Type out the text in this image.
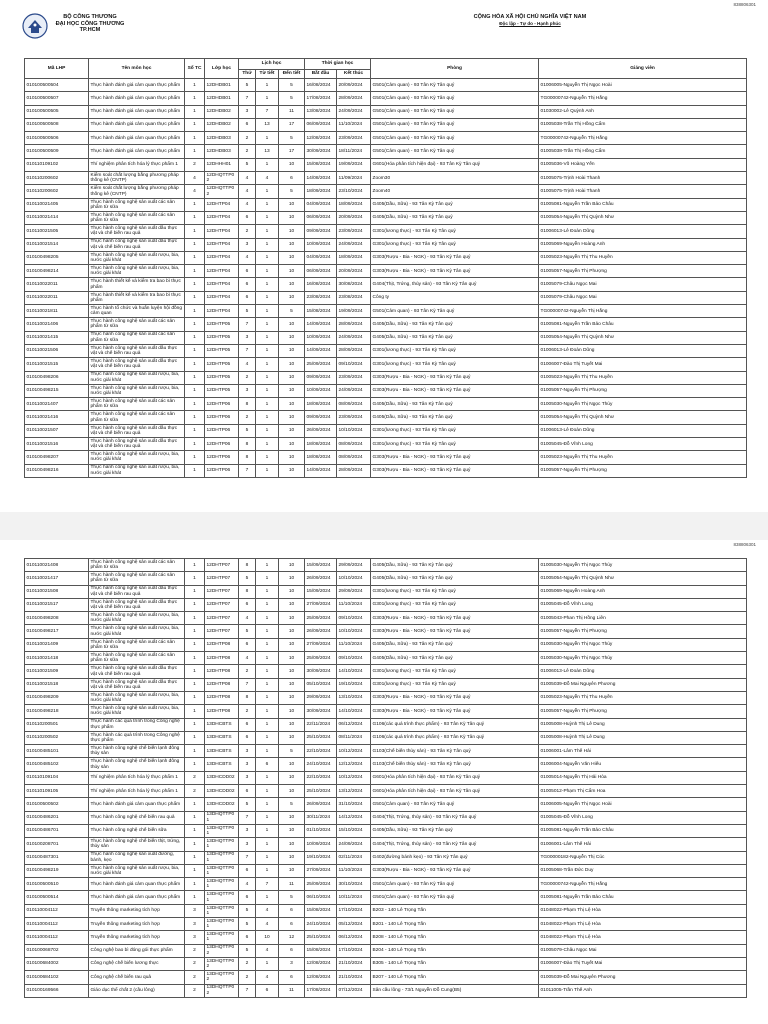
838806301
BỘ CÔNG THƯƠNG
ĐẠI HỌC CÔNG THƯƠNG
TP.HCM
CỘNG HÒA XÃ HỘI CHỦ NGHĨA VIỆT NAM
Độc lập - Tự do - Hạnh phúc
Mã LHP	Tên môn học	Số TC	Lớp học	Lịch học			Thời gian học		Phòng	Giảng viên
				Thứ	Từ tiết	Đến tiết	Bắt đầu	Kết thúc		
010100500504	Thực hành đánh giá cảm quan thực phẩm	1	12DHDB01	5	1	5	16/08/2024	20/09/2024	G501(Cảm quan) - 93 Tân Kỳ Tân quý	01006005-Nguyễn Thị Ngọc Hoài
010100500507	Thực hành đánh giá cảm quan thực phẩm	1	12DHDB01	7	1	5	17/08/2024	28/09/2024	G501(Cảm quan) - 93 Tân Kỳ Tân quý	TG00000742-Nguyễn Thị Hằng
010100500505	Thực hành đánh giá cảm quan thực phẩm	1	12DHDB02	3	7	11	13/08/2024	24/09/2024	G501(Cảm quan) - 93 Tân Kỳ Tân quý	01030002-Lê Quỳnh Anh
010100500508	Thực hành đánh giá cảm quan thực phẩm	1	12DHDB02	6	13	17	06/09/2024	11/10/2024	G501(Cảm quan) - 93 Tân Kỳ Tân quý	01005038-Trần Thị Hồng Cẩm
010100500506	Thực hành đánh giá cảm quan thực phẩm	1	12DHDB03	2	1	5	12/08/2024	23/09/2024	G501(Cảm quan) - 93 Tân Kỳ Tân quý	TG00000742-Nguyễn Thị Hằng
010100500509	Thực hành đánh giá cảm quan thực phẩm	1	12DHDB03	2	13	17	30/09/2024	18/11/2024	G501(Cảm quan) - 93 Tân Kỳ Tân quý	01005038-Trần Thị Hồng Cẩm
010110109102	Thí nghiệm phân tích hóa lý thực phẩm 1	2	12DHHH01	5	1	10	15/08/2024	19/09/2024	G601(Hóa phân tích hiện đại) - 93 Tân Kỳ Tân quý	01005036-Võ Hoàng Yến
010110200602	Kiểm soát chất lượng bằng phương pháp thống kê (CNTP)	4	12DHQTTP02	4	4	6	14/08/2024	11/09/2024	Zoom30	01005075-Trịnh Hoài Thanh
010110200602	Kiểm soát chất lượng bằng phương pháp thống kê (CNTP)	4	12DHQTTP02	4	1	5	18/09/2024	23/10/2024	Zoom40	01005075-Trịnh Hoài Thanh
010110021405	Thực hành công nghệ sản xuất các sản phẩm từ sữa	1	12DHTP04	4	1	10	04/09/2024	18/09/2024	G405(Dầu, Sữa) - 93 Tân Kỳ Tân quý	01005081-Nguyễn Trần Bảo Châu
010110021414	Thực hành công nghệ sản xuất các sản phẩm từ sữa	1	12DHTP04	6	1	10	06/09/2024	20/09/2024	G405(Dầu, Sữa) - 93 Tân Kỳ Tân quý	01005054-Nguyễn Thị Quỳnh Như
010110021505	Thực hành công nghệ sản xuất dầu thực vật và chế biến rau quả	1	12DHTP04	2	1	10	09/09/2024	23/09/2024	G301(lương thực) - 93 Tân Kỳ Tân quý	01006013-Lê Đoàn Dũng
010110021514	Thực hành công nghệ sản xuất dầu thực vật và chế biến rau quả	1	12DHTP04	3	1	10	10/09/2024	24/09/2024	G301(lương thực) - 93 Tân Kỳ Tân quý	01005069-Nguyễn Hoàng Anh
010100498205	Thực hành công nghệ sản xuất rượu, bia, nước giải khát	1	12DHTP04	4	1	10	04/09/2024	18/09/2024	G303(Rượu - Bia - NGK) - 93 Tân Kỳ Tân quý	01005023-Nguyễn Thị Thu Huyền
010100498214	Thực hành công nghệ sản xuất rượu, bia, nước giải khát	1	12DHTP04	6	1	10	06/09/2024	20/09/2024	G303(Rượu - Bia - NGK) - 93 Tân Kỳ Tân quý	01005057-Nguyễn Thị Phượng
010110022011	Thực hành thiết kế và kiểm tra bao bì thực phẩm	1	12DHTP04	6	1	10	16/08/2024	30/08/2024	G404(Thịt, Trứng, thủy sản) - 93 Tân Kỳ Tân quý	01005079-Châu Ngọc Mai
010110022011	Thực hành thiết kế và kiểm tra bao bì thực phẩm	1	12DHTP04	6	1	10	23/08/2024	23/08/2024	Công ty	01005079-Châu Ngọc Mai
010110021811	Thực hành tổ chức và huấn luyện hội đồng cảm quan	1	12DHTP04	5	1	5	15/08/2024	19/09/2024	G501(Cảm quan) - 93 Tân Kỳ Tân quý	TG00000742-Nguyễn Thị Hằng
010110021406	Thực hành công nghệ sản xuất các sản phẩm từ sữa	1	12DHTP05	7	1	10	14/09/2024	28/09/2024	G405(Dầu, Sữa) - 93 Tân Kỳ Tân quý	01005081-Nguyễn Trần Bảo Châu
010110021415	Thực hành công nghệ sản xuất các sản phẩm từ sữa	1	12DHTP05	3	1	10	10/09/2024	24/09/2024	G405(Dầu, Sữa) - 93 Tân Kỳ Tân quý	01005054-Nguyễn Thị Quỳnh Như
010110021506	Thực hành công nghệ sản xuất dầu thực vật và chế biến rau quả	1	12DHTP05	7	1	10	14/09/2024	28/09/2024	G301(lương thực) - 93 Tân Kỳ Tân quý	01006013-Lê Đoàn Dũng
010110021515	Thực hành công nghệ sản xuất dầu thực vật và chế biến rau quả	1	12DHTP05	4	1	10	25/09/2024	09/10/2024	G301(lương thực) - 93 Tân Kỳ Tân quý	01006007-Đào Thị Tuyết Mai
010100498206	Thực hành công nghệ sản xuất rượu, bia, nước giải khát	1	12DHTP05	2	1	10	09/09/2024	23/09/2024	G303(Rượu - Bia - NGK) - 93 Tân Kỳ Tân quý	01005023-Nguyễn Thị Thu Huyền
010100498215	Thực hành công nghệ sản xuất rượu, bia, nước giải khát	1	12DHTP05	3	1	10	10/09/2024	24/09/2024	G303(Rượu - Bia - NGK) - 93 Tân Kỳ Tân quý	01005057-Nguyễn Thị Phượng
010110021407	Thực hành công nghệ sản xuất các sản phẩm từ sữa	1	12DHTP06	8	1	10	18/08/2024	08/09/2024	G405(Dầu, Sữa) - 93 Tân Kỳ Tân quý	01005030-Nguyễn Thị Ngọc Thúy
010110021416	Thực hành công nghệ sản xuất các sản phẩm từ sữa	1	12DHTP06	2	1	10	09/09/2024	23/09/2024	G405(Dầu, Sữa) - 93 Tân Kỳ Tân quý	01005054-Nguyễn Thị Quỳnh Như
010110021507	Thực hành công nghệ sản xuất dầu thực vật và chế biến rau quả	1	12DHTP06	5	1	10	26/09/2024	10/10/2024	G301(lương thực) - 93 Tân Kỳ Tân quý	01006013-Lê Đoàn Dũng
010110021516	Thực hành công nghệ sản xuất dầu thực vật và chế biến rau quả	1	12DHTP06	8	1	10	18/08/2024	08/09/2024	G301(lương thực) - 93 Tân Kỳ Tân quý	01005045-Đỗ Vĩnh Long
010100498207	Thực hành công nghệ sản xuất rượu, bia, nước giải khát	1	12DHTP06	8	1	10	18/08/2024	08/09/2024	G303(Rượu - Bia - NGK) - 93 Tân Kỳ Tân quý	01005023-Nguyễn Thị Thu Huyền
010100498216	Thực hành công nghệ sản xuất rượu, bia, nước giải khát	1	12DHTP06	7	1	10	14/09/2024	28/09/2024	G303(Rượu - Bia - NGK) - 93 Tân Kỳ Tân quý	01005057-Nguyễn Thị Phượng
838806301
010110021408	Thực hành công nghệ sản xuất các sản phẩm từ sữa	1	12DHTP07	8	1	10	15/09/2024	29/09/2024	G405(Dầu, Sữa) - 93 Tân Kỳ Tân quý	01005030-Nguyễn Thị Ngọc Thúy
010110021417	Thực hành công nghệ sản xuất các sản phẩm từ sữa	1	12DHTP07	5	1	10	26/09/2024	10/10/2024	G405(Dầu, Sữa) - 93 Tân Kỳ Tân quý	01005054-Nguyễn Thị Quỳnh Như
010110021508	Thực hành công nghệ sản xuất dầu thực vật và chế biến rau quả	1	12DHTP07	8	1	10	15/09/2024	29/09/2024	G301(lương thực) - 93 Tân Kỳ Tân quý	01005069-Nguyễn Hoàng Anh
010110021517	Thực hành công nghệ sản xuất dầu thực vật và chế biến rau quả	1	12DHTP07	6	1	10	27/09/2024	11/10/2024	G301(lương thực) - 93 Tân Kỳ Tân quý	01005045-Đỗ Vĩnh Long
010100498208	Thực hành công nghệ sản xuất rượu, bia, nước giải khát	1	12DHTP07	4	1	10	25/09/2024	09/10/2024	G303(Rượu - Bia - NGK) - 93 Tân Kỳ Tân quý	01005043-Phan Thị Hồng Liên
010100498217	Thực hành công nghệ sản xuất rượu, bia, nước giải khát	1	12DHTP07	5	1	10	26/09/2024	10/10/2024	G303(Rượu - Bia - NGK) - 93 Tân Kỳ Tân quý	01005057-Nguyễn Thị Phượng
010110021409	Thực hành công nghệ sản xuất các sản phẩm từ sữa	1	12DHTP08	6	1	10	27/09/2024	11/10/2024	G405(Dầu, Sữa) - 93 Tân Kỳ Tân quý	01005030-Nguyễn Thị Ngọc Thúy
010110021418	Thực hành công nghệ sản xuất các sản phẩm từ sữa	1	12DHTP08	4	1	10	25/09/2024	09/10/2024	G405(Dầu, Sữa) - 93 Tân Kỳ Tân quý	01005030-Nguyễn Thị Ngọc Thúy
010110021509	Thực hành công nghệ sản xuất dầu thực vật và chế biến rau quả	1	12DHTP08	2	1	10	30/09/2024	14/10/2024	G301(lương thực) - 93 Tân Kỳ Tân quý	01006013-Lê Đoàn Dũng
010110021518	Thực hành công nghệ sản xuất dầu thực vật và chế biến rau quả	1	12DHTP08	7	1	10	05/10/2024	19/10/2024	G301(lương thực) - 93 Tân Kỳ Tân quý	01005039-Đỗ Mai Nguyên Phương
010100498209	Thực hành công nghệ sản xuất rượu, bia, nước giải khát	1	12DHTP08	8	1	10	29/09/2024	13/10/2024	G303(Rượu - Bia - NGK) - 93 Tân Kỳ Tân quý	01005023-Nguyễn Thị Thu Huyền
010100498218	Thực hành công nghệ sản xuất rượu, bia, nước giải khát	1	12DHTP08	2	1	10	30/09/2024	14/10/2024	G303(Rượu - Bia - NGK) - 93 Tân Kỳ Tân quý	01005057-Nguyễn Thị Phượng
010110200501	Thực hành các quá trình trong Công nghệ thực phẩm	1	13DHCBTS	6	1	10	22/11/2024	06/12/2024	G106(các quá trình thực phẩm) - 93 Tân Kỳ Tân quý	01005008-Huỳnh Thị Lê Dung
010110200502	Thực hành các quá trình trong Công nghệ thực phẩm	1	13DHCBTS	6	1	10	25/10/2024	08/11/2024	G106(các quá trình thực phẩm) - 93 Tân Kỳ Tân quý	01005008-Huỳnh Thị Lê Dung
010100485101	Thực hành công nghệ chế biến lạnh đông thủy sản	1	13DHCBTS	3	1	5	22/10/2024	10/12/2024	G103(Chế biến thủy sản) - 93 Tân Kỳ Tân quý	01006001-Lâm Thế Hải
010100485102	Thực hành công nghệ chế biến lạnh đông thủy sản	1	13DHCBTS	3	6	10	24/10/2024	12/12/2024	G103(Chế biến thủy sản) - 93 Tân Kỳ Tân quý	01006004-Nguyễn Văn Hiếu
010110109104	Thí nghiệm phân tích hóa lý thực phẩm 1	2	13DHCDD02	3	1	10	22/10/2024	10/12/2024	G601(Hóa phân tích hiện đại) - 93 Tân Kỳ Tân quý	01005014-Nguyễn Thị Hải Hòa
010110109105	Thí nghiệm phân tích hóa lý thực phẩm 1	2	13DHCDD02	6	1	10	25/10/2024	13/12/2024	G601(Hóa phân tích hiện đại) - 93 Tân Kỳ Tân quý	01005012-Phạm Thị Cẩm Hoa
010100500502	Thực hành đánh giá cảm quan thực phẩm	1	13DHCDD02	5	1	5	26/09/2024	31/10/2024	G501(Cảm quan) - 93 Tân Kỳ Tân quý	01006005-Nguyễn Thị Ngọc Hoài
010100486201	Thực hành công nghệ chế biến rau quả	1	13DHQTTP01	7	1	10	30/11/2024	14/12/2024	G404(Thịt, Trứng, thủy sản) - 93 Tân Kỳ Tân quý	01005045-Đỗ Vĩnh Long
010100486701	Thực hành công nghệ chế biến sữa	1	13DHQTTP01	3	1	10	01/10/2024	15/10/2024	G405(Dầu, Sữa) - 93 Tân Kỳ Tân quý	01005081-Nguyễn Trần Bảo Châu
010100208701	Thực hành công nghệ chế biến thịt, trứng, thủy sản	1	13DHQTTP01	3	1	10	10/09/2024	24/09/2024	G404(Thịt, Trứng, thủy sản) - 93 Tân Kỳ Tân quý	01006001-Lâm Thế Hải
010100487301	Thực hành công nghệ sản xuất đường, bánh, kẹo	1	13DHQTTP01	7	1	10	19/10/2024	02/11/2024	G402(đường bánh kẹo) - 93 Tân Kỳ Tân quý	TG00000182-Nguyễn Thị Cúc
010100498219	Thực hành công nghệ sản xuất rượu, bia, nước giải khát	1	13DHQTTP01	6	1	10	27/09/2024	11/10/2024	G303(Rượu - Bia - NGK) - 93 Tân Kỳ Tân quý	01005068-Trần Đức Duy
010100500510	Thực hành đánh giá cảm quan thực phẩm	1	13DHQTTP01	4	7	11	25/09/2024	30/10/2024	G501(Cảm quan) - 93 Tân Kỳ Tân quý	TG00000742-Nguyễn Thị Hằng
010100500514	Thực hành đánh giá cảm quan thực phẩm	1	13DHQTTP01	6	1	5	06/10/2024	10/11/2024	G501(Cảm quan) - 93 Tân Kỳ Tân quý	01005081-Nguyễn Trần Bảo Châu
010110004112	Truyền thông marketing tích hợp	3	13DHQTTP01	5	4	6	15/08/2024	17/10/2024	B203 - 140 Lê Trọng Tấn	01048022-Phạm Thị Lệ Hòa
010110004112	Truyền thông marketing tích hợp	3	13DHQTTP01	5	4	6	24/10/2024	05/12/2024	B201 - 140 Lê Trọng Tấn	01048022-Phạm Thị Lệ Hòa
010110004112	Truyền thông marketing tích hợp	3	13DHQTTP01	6	10	12	25/10/2024	06/12/2024	B208 - 140 Lê Trọng Tấn	01048022-Phạm Thị Lệ Hòa
010100068702	Công nghệ bao bì đóng gói thực phẩm	2	13DHQTTP02	5	4	6	15/08/2024	17/10/2024	B204 - 140 Lê Trọng Tấn	01005079-Châu Ngọc Mai
010100684002	Công nghệ chế biến lương thực	2	13DHQTTP02	2	1	3	12/08/2024	21/10/2024	B305 - 140 Lê Trọng Tấn	01006007-Đào Thị Tuyết Mai
010100684102	Công nghệ chế biến rau quả	2	13DHQTTP02	2	4	6	12/08/2024	21/10/2024	B207 - 140 Lê Trọng Tấn	01005039-Đỗ Mai Nguyên Phương
010100169566	Giáo dục thể chất 2 (cầu lông)	2	13DHQTTP02	7	6	11	17/08/2024	07/12/2024	Sân cầu lông - 73/1 Nguyễn Đỗ Cung(B5)	01011005-Trần Thế Anh
